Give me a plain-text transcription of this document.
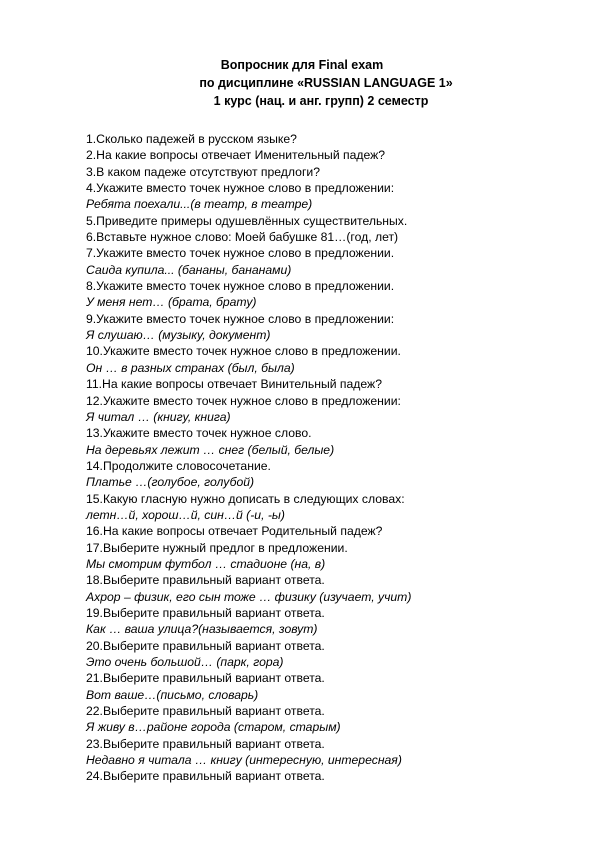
Вопросник для Final exam
по дисциплине «RUSSIAN LANGUAGE 1»
1 курс (нац. и анг. групп) 2 семестр
1.Сколько падежей в русском языке?
2.На какие вопросы отвечает Именительный падеж?
3.В каком падеже отсутствуют предлоги?
4.Укажите вместо точек нужное слово в предложении:
Ребята поехали...(в театр, в театре)
5.Приведите примеры одушевлённых существительных.
6.Вставьте нужное слово: Моей бабушке 81…(год, лет)
7.Укажите вместо точек нужное слово в предложении.
Саида купила... (бананы, бананами)
8.Укажите вместо точек нужное слово в предложении.
У меня нет… (брата, брату)
9.Укажите вместо точек нужное слово в предложении:
Я слушаю… (музыку, документ)
10.Укажите вместо точек нужное слово в предложении.
Он … в разных странах (был, была)
11.На какие вопросы отвечает Винительный падеж?
12.Укажите вместо точек нужное слово в предложении:
Я читал … (книгу, книга)
13.Укажите вместо точек нужное слово.
На деревьях лежит … снег (белый, белые)
14.Продолжите словосочетание.
Платье …(голубое, голубой)
15.Какую гласную нужно дописать в следующих словах:
летн…й, хорош…й, син…й (-и, -ы)
16.На какие вопросы отвечает Родительный падеж?
17.Выберите нужный предлог в предложении.
Мы смотрим футбол … стадионе (на, в)
18.Выберите правильный вариант ответа.
Ахрор – физик, его сын тоже … физику (изучает, учит)
19.Выберите правильный вариант ответа.
Как … ваша улица?(называется, зовут)
20.Выберите правильный вариант ответа.
Это очень большой… (парк, гора)
21.Выберите правильный вариант ответа.
Вот ваше…(письмо, словарь)
22.Выберите правильный вариант ответа.
Я живу в…районе города (старом, старым)
23.Выберите правильный вариант ответа.
Недавно я читала … книгу (интересную, интересная)
24.Выберите правильный вариант ответа.
